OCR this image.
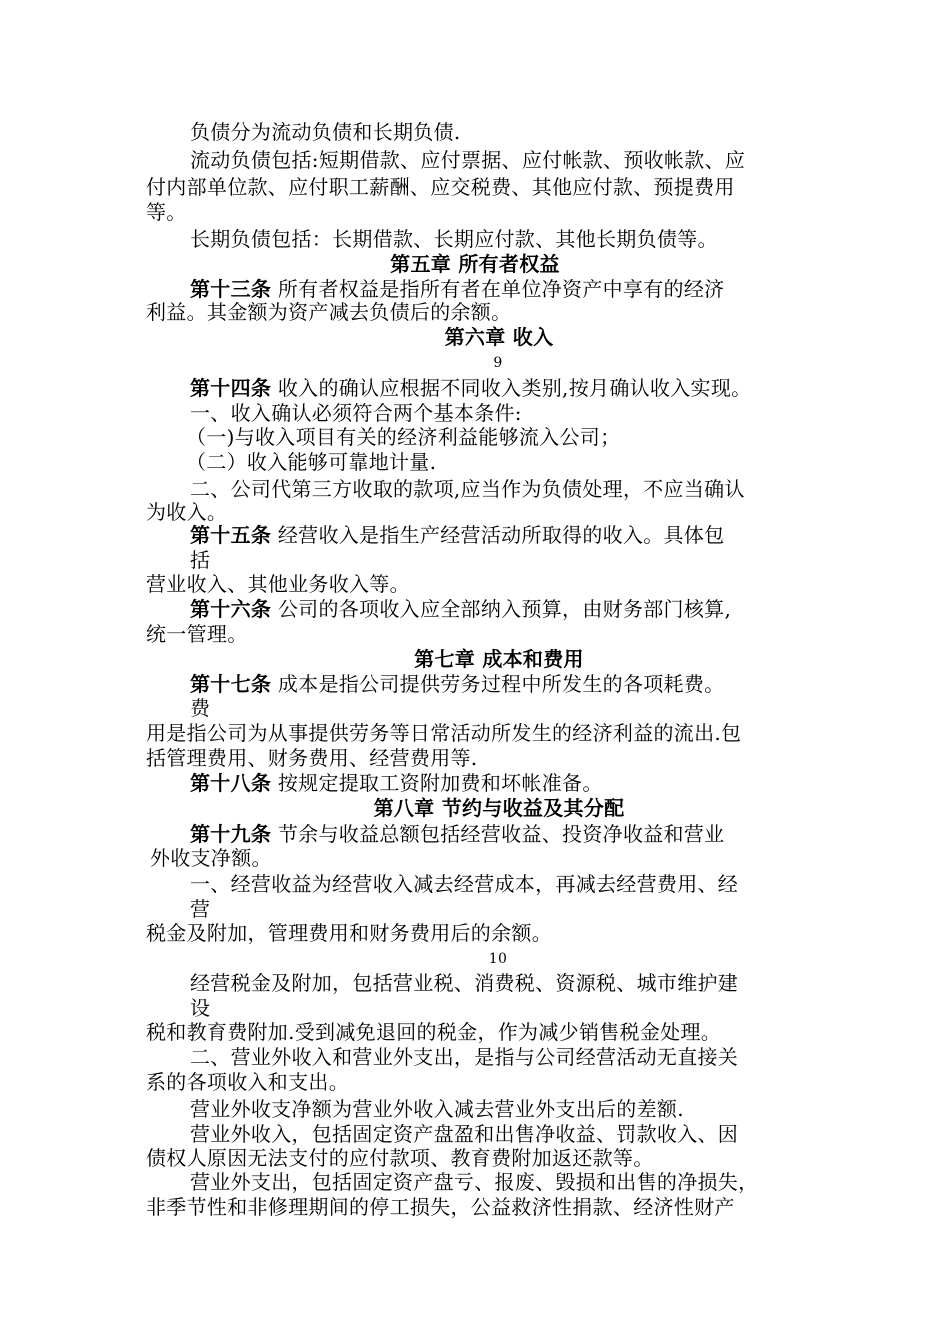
负债分为流动负债和长期负债.
流动负债包括:短期借款、应付票据、应付帐款、预收帐款、应
付内部单位款、应付职工薪酬、应交税费、其他应付款、预提费用
等。
长期负债包括：长期借款、长期应付款、其他长期负债等。
第五章 所有者权益
第十三条 所有者权益是指所有者在单位净资产中享有的经济
利益。其金额为资产减去负债后的余额。
第六章 收入
9
第十四条 收入的确认应根据不同收入类别,按月确认收入实现。
一、收入确认必须符合两个基本条件:
（一)与收入项目有关的经济利益能够流入公司；
（二）收入能够可靠地计量.
二、公司代第三方收取的款项,应当作为负债处理，不应当确认
为收入。
第十五条 经营收入是指生产经营活动所取得的收入。具体包
括
营业收入、其他业务收入等。
第十六条 公司的各项收入应全部纳入预算，由财务部门核算,
统一管理。
第七章 成本和费用
第十七条 成本是指公司提供劳务过程中所发生的各项耗费。
费
用是指公司为从事提供劳务等日常活动所发生的经济利益的流出.包
括管理费用、财务费用、经营费用等.
第十八条 按规定提取工资附加费和坏帐准备。
第八章 节约与收益及其分配
第十九条 节余与收益总额包括经营收益、投资净收益和营业
外收支净额。
一、经营收益为经营收入减去经营成本，再减去经营费用、经
营
税金及附加，管理费用和财务费用后的余额。
10
经营税金及附加，包括营业税、消费税、资源税、城市维护建
设
税和教育费附加.受到减免退回的税金，作为减少销售税金处理。
二、营业外收入和营业外支出，是指与公司经营活动无直接关
系的各项收入和支出。
营业外收支净额为营业外收入减去营业外支出后的差额.
营业外收入，包括固定资产盘盈和出售净收益、罚款收入、因
债权人原因无法支付的应付款项、教育费附加返还款等。
营业外支出，包括固定资产盘亏、报废、毁损和出售的净损失，
非季节性和非修理期间的停工损失，公益救济性捐款、经济性财产
